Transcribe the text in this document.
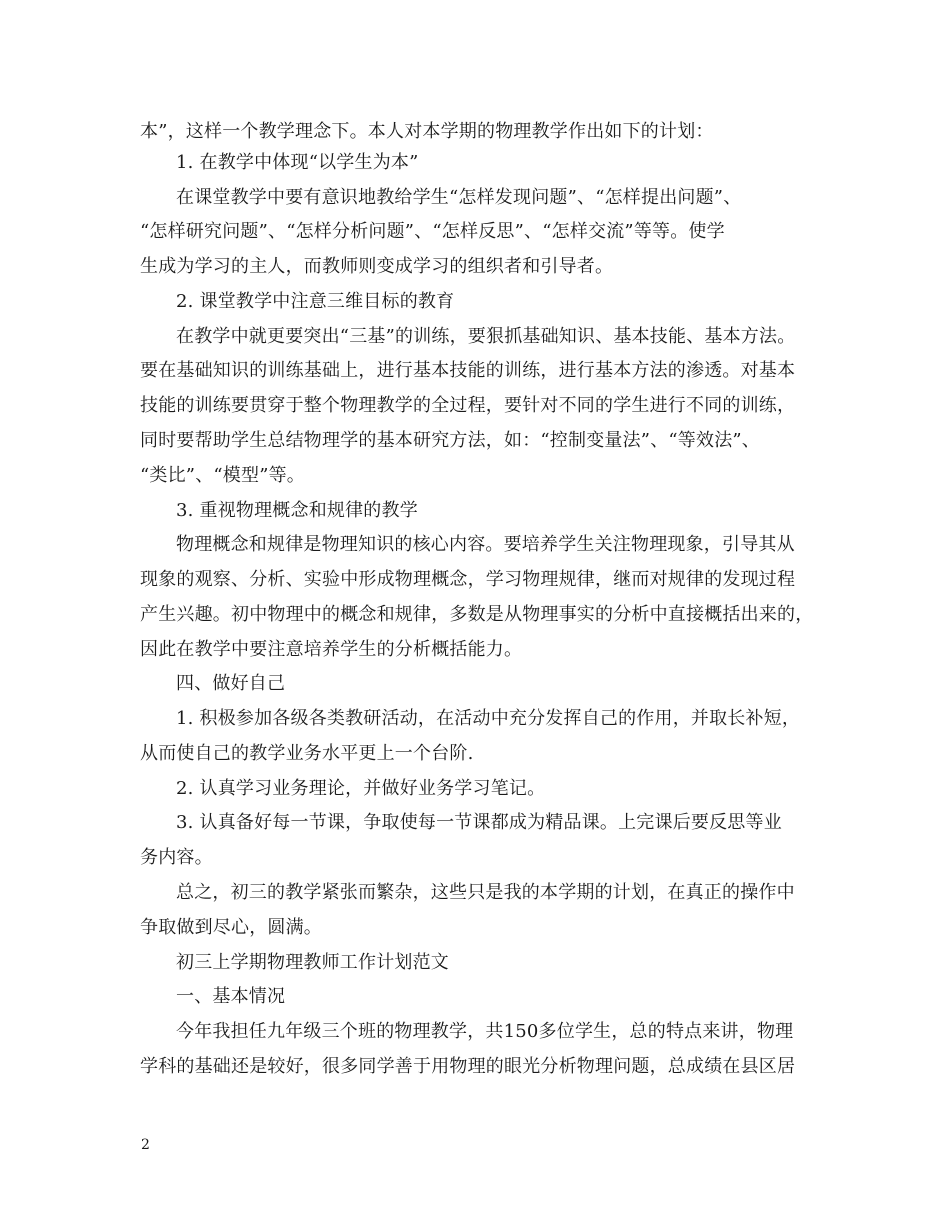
本”，这样一个教学理念下。本人对本学期的物理教学作出如下的计划：
1. 在教学中体现“以学生为本”
在课堂教学中要有意识地教给学生“怎样发现问题”、“怎样提出问题”、
“怎样研究问题”、“怎样分析问题”、“怎样反思”、“怎样交流”等等。使学
生成为学习的主人，而教师则变成学习的组织者和引导者。
2. 课堂教学中注意三维目标的教育
在教学中就更要突出“三基”的训练，要狠抓基础知识、基本技能、基本方法。
要在基础知识的训练基础上，进行基本技能的训练，进行基本方法的渗透。对基本
技能的训练要贯穿于整个物理教学的全过程，要针对不同的学生进行不同的训练，
同时要帮助学生总结物理学的基本研究方法，如：“控制变量法”、“等效法”、
“类比”、“模型”等。
3. 重视物理概念和规律的教学
物理概念和规律是物理知识的核心内容。要培养学生关注物理现象，引导其从
现象的观察、分析、实验中形成物理概念，学习物理规律，继而对规律的发现过程
产生兴趣。初中物理中的概念和规律，多数是从物理事实的分析中直接概括出来的，
因此在教学中要注意培养学生的分析概括能力。
四、做好自己
1. 积极参加各级各类教研活动，在活动中充分发挥自己的作用，并取长补短，
从而使自己的教学业务水平更上一个台阶.
2. 认真学习业务理论，并做好业务学习笔记。
3. 认真备好每一节课，争取使每一节课都成为精品课。上完课后要反思等业
务内容。
总之，初三的教学紧张而繁杂，这些只是我的本学期的计划，在真正的操作中
争取做到尽心，圆满。
初三上学期物理教师工作计划范文
一、基本情况
今年我担任九年级三个班的物理教学，共150多位学生，总的特点来讲，物理
学科的基础还是较好，很多同学善于用物理的眼光分析物理问题，总成绩在县区居
2
